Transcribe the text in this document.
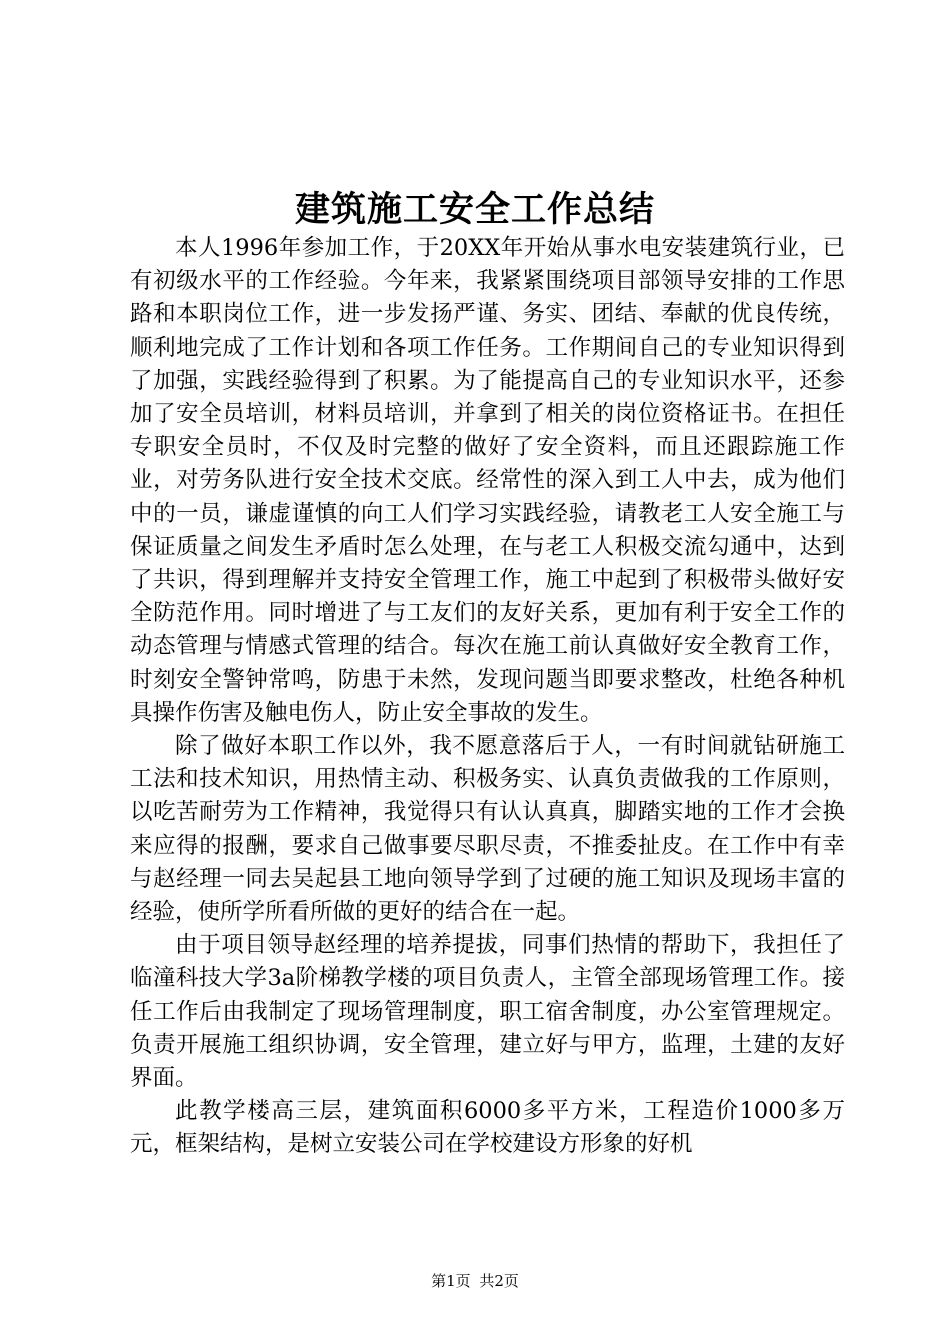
建筑施工安全工作总结

本人1996年参加工作，于20XX年开始从事水电安装建筑行业，已有初级水平的工作经验。今年来，我紧紧围绕项目部领导安排的工作思路和本职岗位工作，进一步发扬严谨、务实、团结、奉献的优良传统，顺利地完成了工作计划和各项工作任务。工作期间自己的专业知识得到了加强，实践经验得到了积累。为了能提高自己的专业知识水平，还参加了安全员培训，材料员培训，并拿到了相关的岗位资格证书。在担任专职安全员时，不仅及时完整的做好了安全资料，而且还跟踪施工作业，对劳务队进行安全技术交底。经常性的深入到工人中去，成为他们中的一员，谦虚谨慎的向工人们学习实践经验，请教老工人安全施工与保证质量之间发生矛盾时怎么处理，在与老工人积极交流勾通中，达到了共识，得到理解并支持安全管理工作，施工中起到了积极带头做好安全防范作用。同时增进了与工友们的友好关系，更加有利于安全工作的动态管理与情感式管理的结合。每次在施工前认真做好安全教育工作，时刻安全警钟常鸣，防患于未然，发现问题当即要求整改，杜绝各种机具操作伤害及触电伤人，防止安全事故的发生。

除了做好本职工作以外，我不愿意落后于人，一有时间就钻研施工工法和技术知识，用热情主动、积极务实、认真负责做我的工作原则，以吃苦耐劳为工作精神，我觉得只有认认真真，脚踏实地的工作才会换来应得的报酬，要求自己做事要尽职尽责，不推委扯皮。在工作中有幸与赵经理一同去吴起县工地向领导学到了过硬的施工知识及现场丰富的经验，使所学所看所做的更好的结合在一起。

由于项目领导赵经理的培养提拔，同事们热情的帮助下，我担任了临潼科技大学3a阶梯教学楼的项目负责人，主管全部现场管理工作。接任工作后由我制定了现场管理制度，职工宿舍制度，办公室管理规定。负责开展施工组织协调，安全管理，建立好与甲方，监理，土建的友好界面。

此教学楼高三层，建筑面积6000多平方米，工程造价1000多万元，框架结构，是树立安装公司在学校建设方形象的好机

第1页 共2页
